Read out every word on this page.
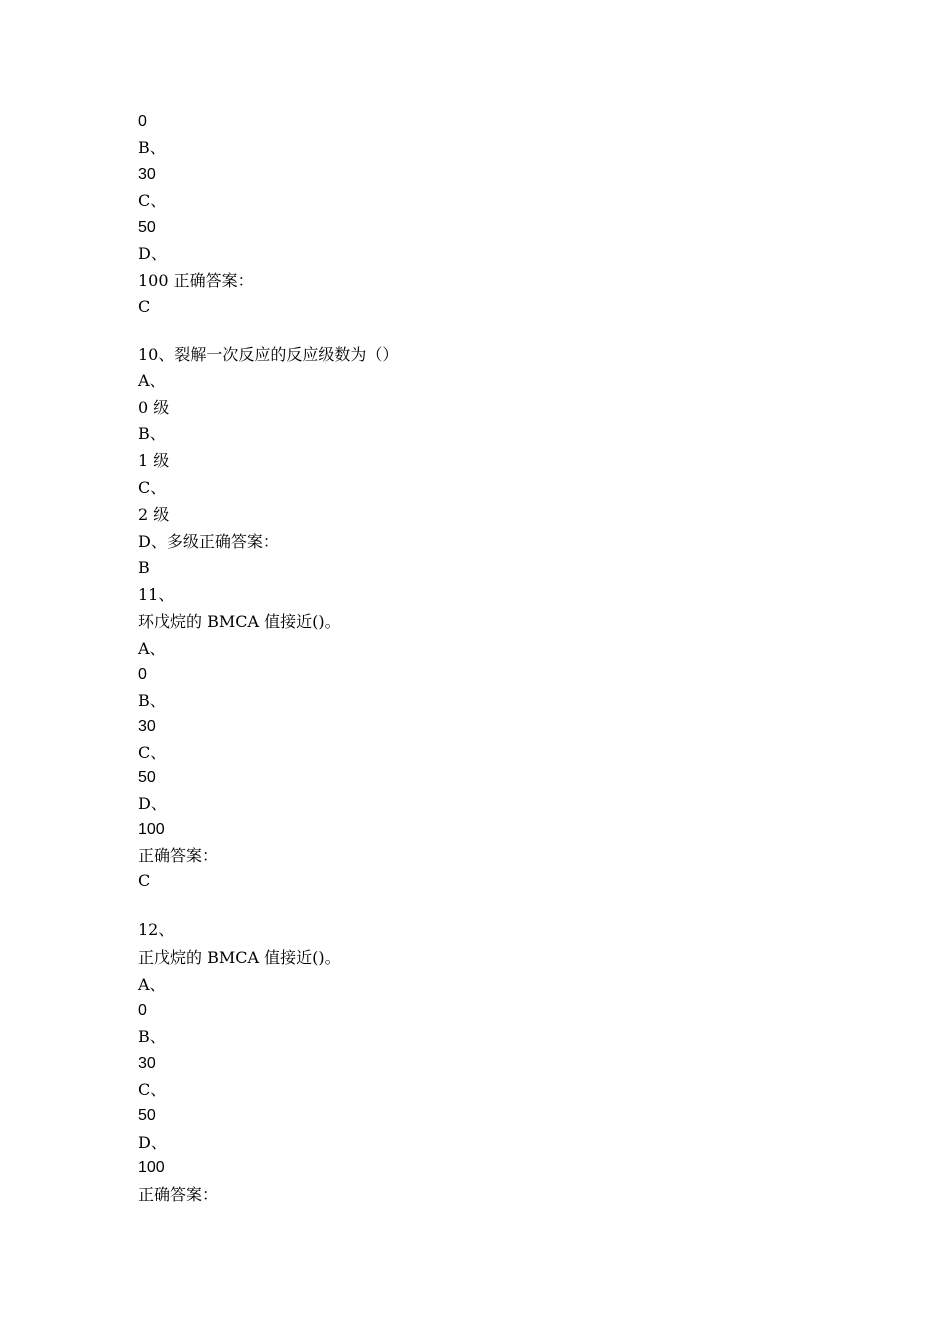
0
B、
30
C、
50
D、
100 正确答案：
C
10、裂解一次反应的反应级数为（）
A、
0 级
B、
1 级
C、
2 级
D、多级正确答案：
B
11、
环戊烷的 BMCA 值接近()。
A、
0
B、
30
C、
50
D、
100
正确答案：
C
12、
正戊烷的 BMCA 值接近()。
A、
0
B、
30
C、
50
D、
100
正确答案：
